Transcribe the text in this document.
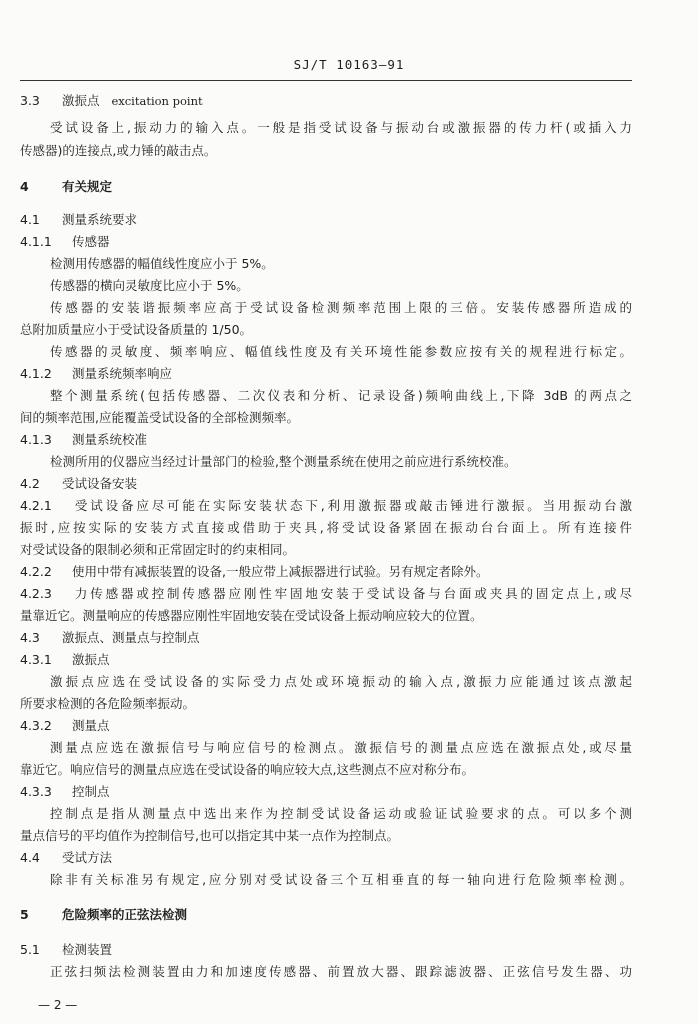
SJ/T 10163—91
3.3 激振点 excitation point
受试设备上,振动力的输入点。一般是指受试设备与振动台或激振器的传力杆(或插入力
传感器)的连接点,或力锤的敲击点。
4	有关规定
4.1 测量系统要求
4.1.1 传感器
检测用传感器的幅值线性度应小于 5%。
传感器的横向灵敏度比应小于 5%。
传感器的安装谐振频率应高于受试设备检测频率范围上限的三倍。安装传感器所造成的
总附加质量应小于受试设备质量的 1/50。
传感器的灵敏度、频率响应、幅值线性度及有关环境性能参数应按有关的规程进行标定。
4.1.2 测量系统频率响应
整个测量系统(包括传感器、二次仪表和分析、记录设备)频响曲线上,下降 3dB 的两点之
间的频率范围,应能覆盖受试设备的全部检测频率。
4.1.3 测量系统校准
检测所用的仪器应当经过计量部门的检验,整个测量系统在使用之前应进行系统校准。
4.2 受试设备安装
4.2.1 受试设备应尽可能在实际安装状态下,利用激振器或敲击锤进行激振。当用振动台激
振时,应按实际的安装方式直接或借助于夹具,将受试设备紧固在振动台台面上。所有连接件
对受试设备的限制必须和正常固定时的约束相同。
4.2.2 使用中带有减振装置的设备,一般应带上减振器进行试验。另有规定者除外。
4.2.3 力传感器或控制传感器应刚性牢固地安装于受试设备与台面或夹具的固定点上,或尽
量靠近它。测量响应的传感器应刚性牢固地安装在受试设备上振动响应较大的位置。
4.3 激振点、测量点与控制点
4.3.1 激振点
激振点应选在受试设备的实际受力点处或环境振动的输入点,激振力应能通过该点激起
所要求检测的各危险频率振动。
4.3.2 测量点
测量点应选在激振信号与响应信号的检测点。激振信号的测量点应选在激振点处,或尽量
靠近它。响应信号的测量点应选在受试设备的响应较大点,这些测点不应对称分布。
4.3.3 控制点
控制点是指从测量点中选出来作为控制受试设备运动或验证试验要求的点。可以多个测
量点信号的平均值作为控制信号,也可以指定其中某一点作为控制点。
4.4 受试方法
除非有关标准另有规定,应分别对受试设备三个互相垂直的每一轴向进行危险频率检测。
5	危险频率的正弦法检测
5.1 检测装置
正弦扫频法检测装置由力和加速度传感器、前置放大器、跟踪滤波器、正弦信号发生器、功
— 2 —
